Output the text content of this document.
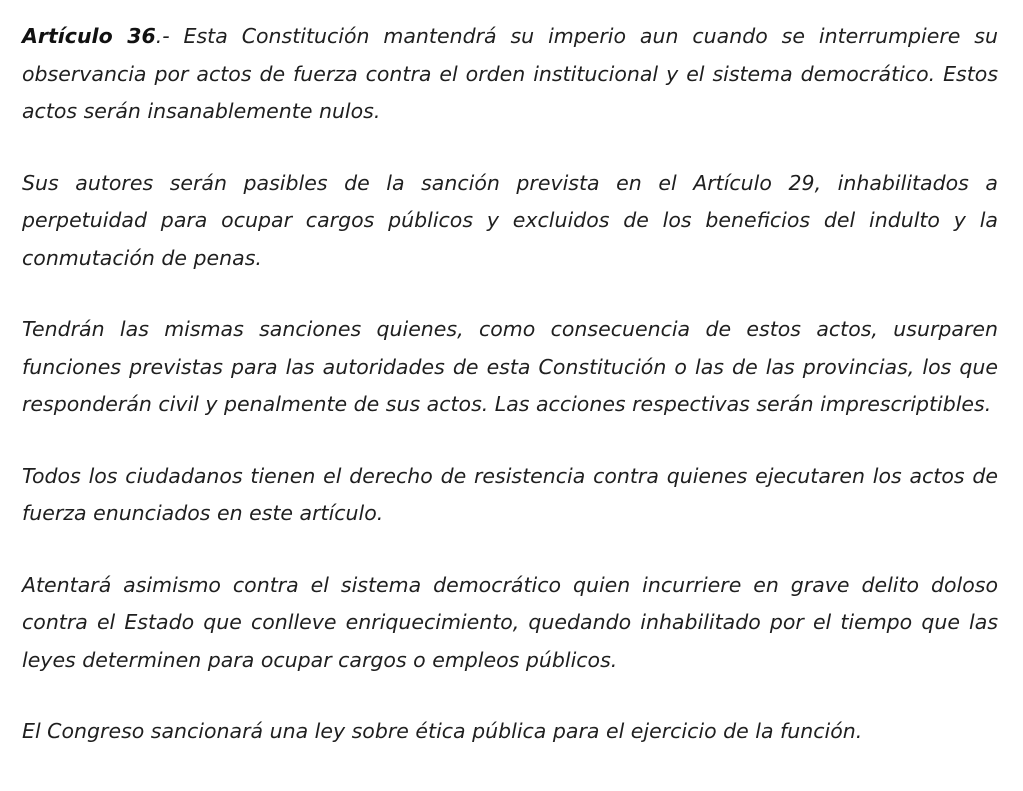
Artículo 36.- Esta Constitución mantendrá su imperio aun cuando se interrumpiere su observancia por actos de fuerza contra el orden institucional y el sistema democrático. Estos actos serán insanablemente nulos.

Sus autores serán pasibles de la sanción prevista en el Artículo 29, inhabilitados a perpetuidad para ocupar cargos públicos y excluidos de los beneficios del indulto y la conmutación de penas.

Tendrán las mismas sanciones quienes, como consecuencia de estos actos, usurparen funciones previstas para las autoridades de esta Constitución o las de las provincias, los que responderán civil y penalmente de sus actos. Las acciones respectivas serán imprescriptibles.

Todos los ciudadanos tienen el derecho de resistencia contra quienes ejecutaren los actos de fuerza enunciados en este artículo.

Atentará asimismo contra el sistema democrático quien incurriere en grave delito doloso contra el Estado que conlleve enriquecimiento, quedando inhabilitado por el tiempo que las leyes determinen para ocupar cargos o empleos públicos.

El Congreso sancionará una ley sobre ética pública para el ejercicio de la función.
